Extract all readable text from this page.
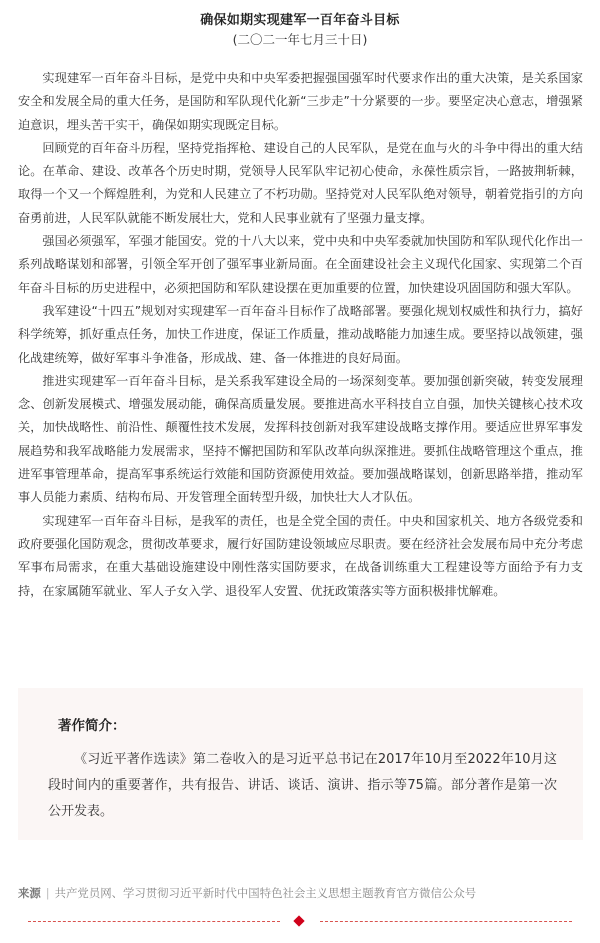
确保如期实现建军一百年奋斗目标
(二〇二一年七月三十日)

实现建军一百年奋斗目标，是党中央和中央军委把握强国强军时代要求作出的重大决策，是关系国家安全和发展全局的重大任务，是国防和军队现代化新“三步走”十分紧要的一步。要坚定决心意志，增强紧迫意识，埋头苦干实干，确保如期实现既定目标。

回顾党的百年奋斗历程，坚持党指挥枪、建设自己的人民军队，是党在血与火的斗争中得出的重大结论。在革命、建设、改革各个历史时期，党领导人民军队牢记初心使命，永葆性质宗旨，一路披荆斩棘，取得一个又一个辉煌胜利，为党和人民建立了不朽功勋。坚持党对人民军队绝对领导，朝着党指引的方向奋勇前进，人民军队就能不断发展壮大，党和人民事业就有了坚强力量支撑。

强国必须强军，军强才能国安。党的十八大以来，党中央和中央军委就加快国防和军队现代化作出一系列战略谋划和部署，引领全军开创了强军事业新局面。在全面建设社会主义现代化国家、实现第二个百年奋斗目标的历史进程中，必须把国防和军队建设摆在更加重要的位置，加快建设巩固国防和强大军队。

我军建设“十四五”规划对实现建军一百年奋斗目标作了战略部署。要强化规划权威性和执行力，搞好科学统筹，抓好重点任务，加快工作进度，保证工作质量，推动战略能力加速生成。要坚持以战领建，强化战建统筹，做好军事斗争准备，形成战、建、备一体推进的良好局面。

推进实现建军一百年奋斗目标，是关系我军建设全局的一场深刻变革。要加强创新突破，转变发展理念、创新发展模式、增强发展动能，确保高质量发展。要推进高水平科技自立自强，加快关键核心技术攻关，加快战略性、前沿性、颠覆性技术发展，发挥科技创新对我军建设战略支撑作用。要适应世界军事发展趋势和我军战略能力发展需求，坚持不懈把国防和军队改革向纵深推进。要抓住战略管理这个重点，推进军事管理革命，提高军事系统运行效能和国防资源使用效益。要加强战略谋划，创新思路举措，推动军事人员能力素质、结构布局、开发管理全面转型升级，加快壮大人才队伍。

实现建军一百年奋斗目标，是我军的责任，也是全党全国的责任。中央和国家机关、地方各级党委和政府要强化国防观念，贯彻改革要求，履行好国防建设领域应尽职责。要在经济社会发展布局中充分考虑军事布局需求，在重大基础设施建设中刚性落实国防要求，在战备训练重大工程建设等方面给予有力支持，在家属随军就业、军人子女入学、退役军人安置、优抚政策落实等方面积极排忧解难。

著作简介：

《习近平著作选读》第二卷收入的是习近平总书记在2017年10月至2022年10月这段时间内的重要著作，共有报告、讲话、谈话、演讲、指示等75篇。部分著作是第一次公开发表。

来源 | 共产党员网、学习贯彻习近平新时代中国特色社会主义思想主题教育官方微信公众号
